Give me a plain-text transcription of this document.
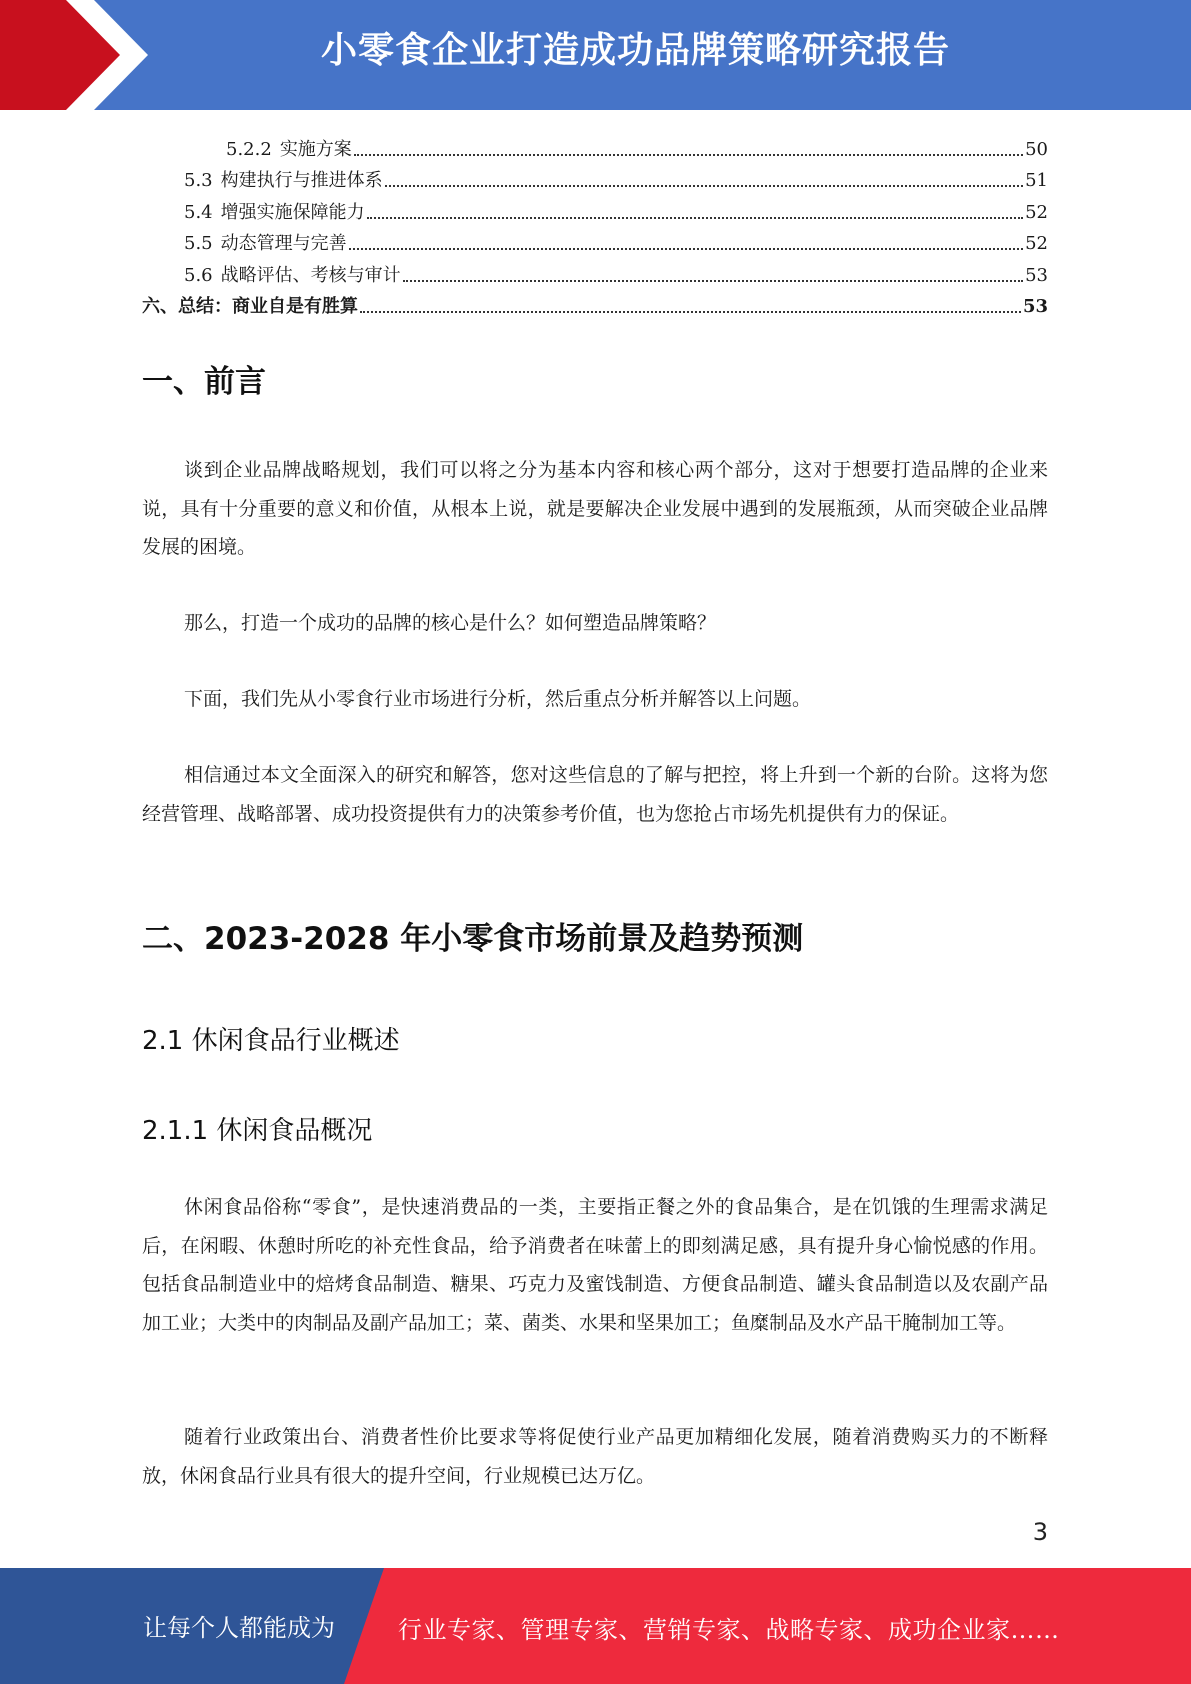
小零食企业打造成功品牌策略研究报告
5.2.2 实施方案	50
5.3 构建执行与推进体系	51
5.4 增强实施保障能力	52
5.5 动态管理与完善	52
5.6 战略评估、考核与审计	53
六、总结：商业自是有胜算	53
一、前言
谈到企业品牌战略规划，我们可以将之分为基本内容和核心两个部分，这对于想要打造品牌的企业来说，具有十分重要的意义和价值，从根本上说，就是要解决企业发展中遇到的发展瓶颈，从而突破企业品牌发展的困境。
那么，打造一个成功的品牌的核心是什么？如何塑造品牌策略？
下面，我们先从小零食行业市场进行分析，然后重点分析并解答以上问题。
相信通过本文全面深入的研究和解答，您对这些信息的了解与把控，将上升到一个新的台阶。这将为您经营管理、战略部署、成功投资提供有力的决策参考价值，也为您抢占市场先机提供有力的保证。
二、2023-2028 年小零食市场前景及趋势预测
2.1 休闲食品行业概述
2.1.1 休闲食品概况
休闲食品俗称“零食”，是快速消费品的一类，主要指正餐之外的食品集合，是在饥饿的生理需求满足后，在闲暇、休憩时所吃的补充性食品，给予消费者在味蕾上的即刻满足感，具有提升身心愉悦感的作用。包括食品制造业中的焙烤食品制造、糖果、巧克力及蜜饯制造、方便食品制造、罐头食品制造以及农副产品加工业；大类中的肉制品及副产品加工；菜、菌类、水果和坚果加工；鱼糜制品及水产品干腌制加工等。
随着行业政策出台、消费者性价比要求等将促使行业产品更加精细化发展，随着消费购买力的不断释放，休闲食品行业具有很大的提升空间，行业规模已达万亿。
3
让每个人都能成为	行业专家、管理专家、营销专家、战略专家、成功企业家……
